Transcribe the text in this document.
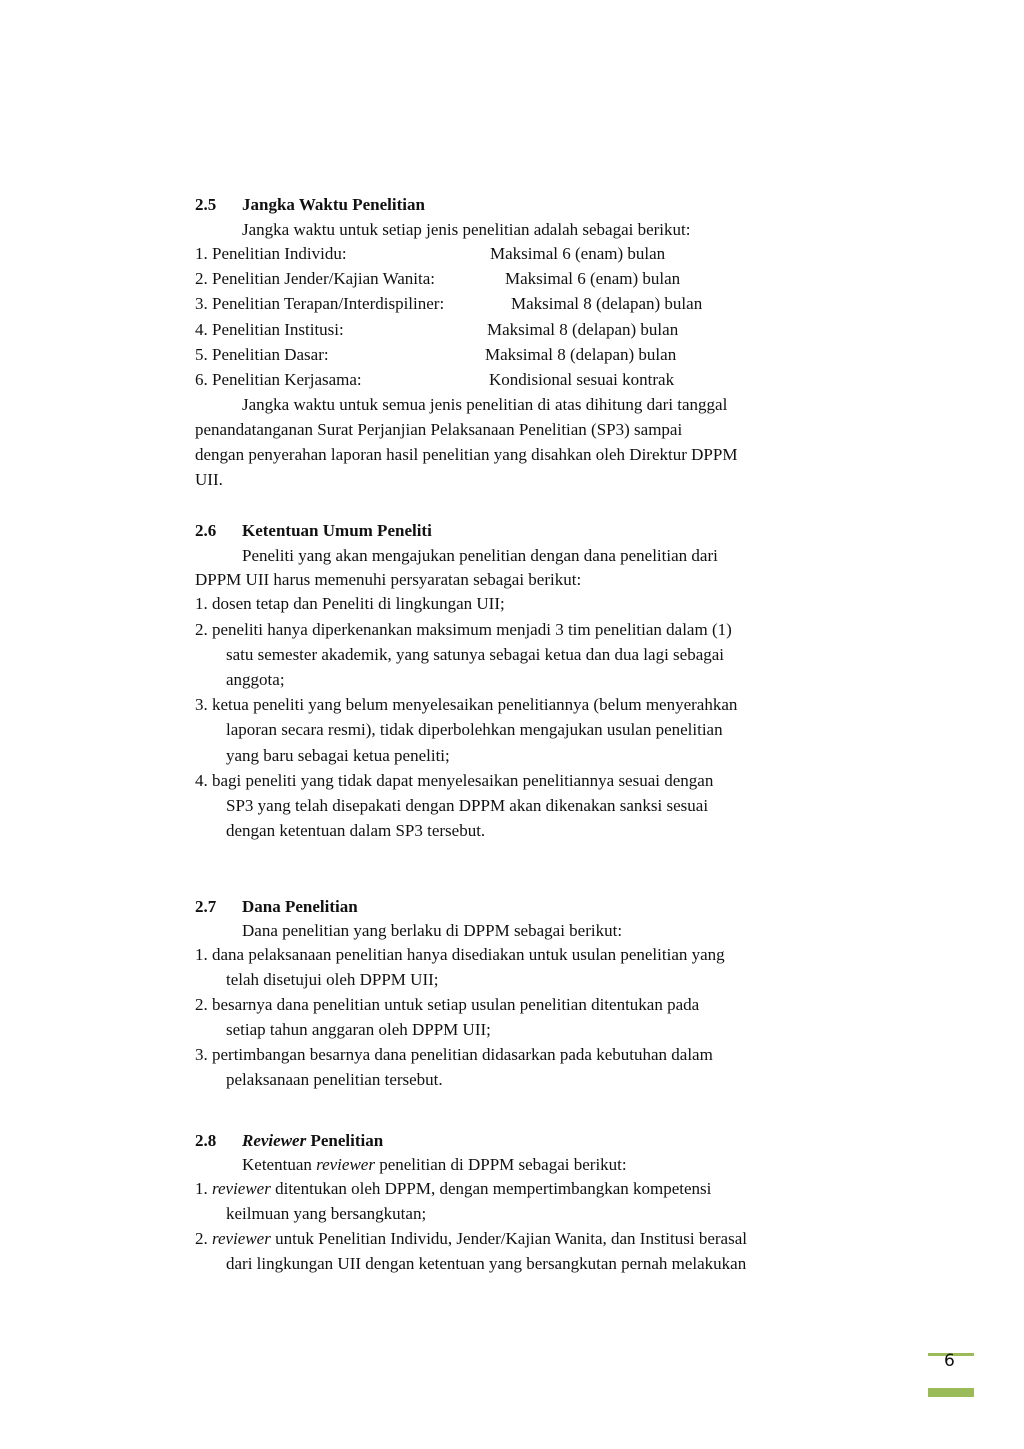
2.5 Jangka Waktu Penelitian
Jangka waktu untuk setiap jenis penelitian adalah sebagai berikut:
1. Penelitian Individu:	Maksimal 6 (enam) bulan
2. Penelitian Jender/Kajian Wanita:	Maksimal 6 (enam) bulan
3. Penelitian Terapan/Interdispiliner:	Maksimal 8 (delapan) bulan
4. Penelitian Institusi:	Maksimal 8 (delapan) bulan
5. Penelitian Dasar:	Maksimal 8 (delapan) bulan
6. Penelitian Kerjasama:	Kondisional sesuai kontrak
Jangka waktu untuk semua jenis penelitian di atas dihitung dari tanggal
penandatanganan Surat Perjanjian Pelaksanaan Penelitian (SP3) sampai
dengan penyerahan laporan hasil penelitian yang disahkan oleh Direktur DPPM
UII.
2.6 Ketentuan Umum Peneliti
Peneliti yang akan mengajukan penelitian dengan dana penelitian dari
DPPM UII harus memenuhi persyaratan sebagai berikut:
1. dosen tetap dan Peneliti di lingkungan UII;
2. peneliti hanya diperkenankan maksimum menjadi 3 tim penelitian dalam (1)
satu semester akademik, yang satunya sebagai ketua dan dua lagi sebagai
anggota;
3. ketua peneliti yang belum menyelesaikan penelitiannya (belum menyerahkan
laporan secara resmi), tidak diperbolehkan mengajukan usulan penelitian
yang baru sebagai ketua peneliti;
4. bagi peneliti yang tidak dapat menyelesaikan penelitiannya sesuai dengan
SP3 yang telah disepakati dengan DPPM akan dikenakan sanksi sesuai
dengan ketentuan dalam SP3 tersebut.
2.7 Dana Penelitian
Dana penelitian yang berlaku di DPPM sebagai berikut:
1. dana pelaksanaan penelitian hanya disediakan untuk usulan penelitian yang
telah disetujui oleh DPPM UII;
2. besarnya dana penelitian untuk setiap usulan penelitian ditentukan pada
setiap tahun anggaran oleh DPPM UII;
3. pertimbangan besarnya dana penelitian didasarkan pada kebutuhan dalam
pelaksanaan penelitian tersebut.
2.8 Reviewer Penelitian
Ketentuan reviewer penelitian di DPPM sebagai berikut:
1. reviewer ditentukan oleh DPPM, dengan mempertimbangkan kompetensi
keilmuan yang bersangkutan;
2. reviewer untuk Penelitian Individu, Jender/Kajian Wanita, dan Institusi berasal
dari lingkungan UII dengan ketentuan yang bersangkutan pernah melakukan
6
